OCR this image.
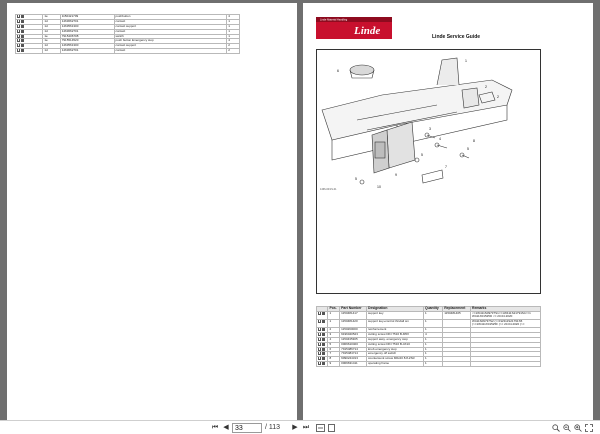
	1e	1150421709	pushbutton	4
	1d	1463662701	contact	1
	1d	1463561300	contact support	1
	1d	1463662701	contact	1
	1e	7915406708	switch	1
	1e	7915514520	push button Emergency stop	4
	1d	1463561300	contact support	2
	1d	1463662701	contact	2
Linde Material Handling
Linde	Linde Service Guide
6
1
2
2
3
4
5
5
5
7
8
9
10
1466-00/1S-01
	Pos.	Part Number	Designation	Quantity	Replacement	Remarks
	1	1150481417	support key	1	1150481405	<=1W411S09737S1<=1W411S21791S4<=1 W411X01525D <= 20.04.2020
	1	1150481420	support key+control thrufall sm	1		W411S09737S2 (>=1W411S21791S5 (>=1W411X01525F (>= 20.04.2020 (>=
	2	1150260000	reinforcement	1		
	3	9196040523	cutting screw DIN 7516 B-M5X	4		
	4	1150435305	support assy. emergency stop	1		
	5	0009610400	cutting screw DIN 7516 B-4X10	1		
	6	7915486714	knob emergency stop	1		
	7	7915484714	emergency off switch	1		
	8	9090244313	countersunk screw M6x20 8.8-ZN3	1		
	9	0009631411	operating frame	1		
⏮ ◀
33	/ 113	▶ ⏭
